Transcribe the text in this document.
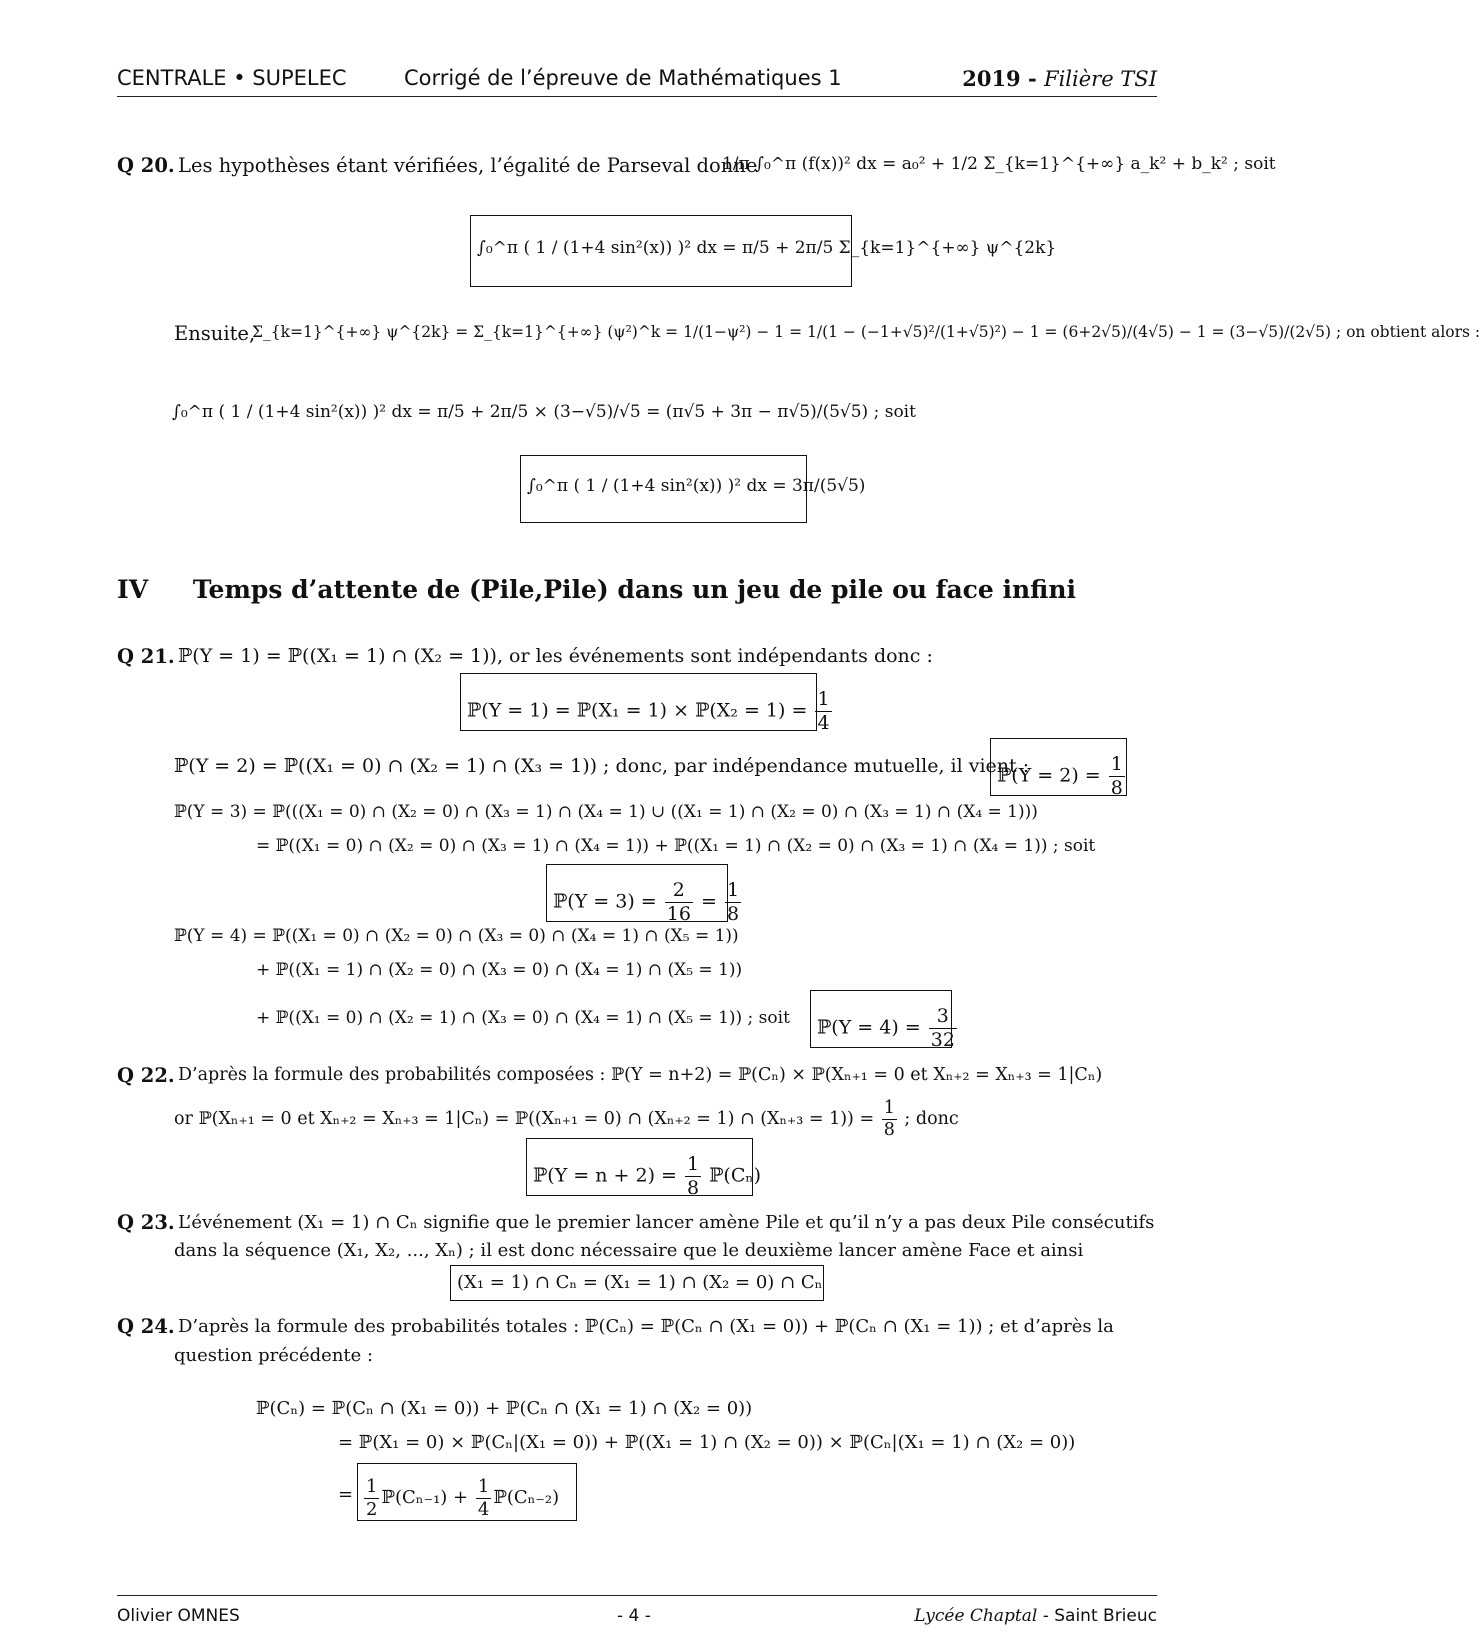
CENTRALE • SUPELEC	Corrigé de l’épreuve de Mathématiques 1	2019 - Filière TSI
Q 20. Les hypothèses étant vérifiées, l’égalité de Parseval donne
1/π ∫₀^π (f(x))² dx = a₀² + 1/2 Σ_{k=1}^{+∞} a_k² + b_k² ; soit
∫₀^π ( 1 / (1+4 sin²(x)) )² dx = π/5 + 2π/5 Σ_{k=1}^{+∞} ψ^{2k}
Ensuite,
Σ_{k=1}^{+∞} ψ^{2k} = Σ_{k=1}^{+∞} (ψ²)^k = 1/(1−ψ²) − 1 = 1/(1 − (−1+√5)²/(1+√5)²) − 1 = (6+2√5)/(4√5) − 1 = (3−√5)/(2√5) ; on obtient alors :
∫₀^π ( 1 / (1+4 sin²(x)) )² dx = π/5 + 2π/5 × (3−√5)/√5 = (π√5 + 3π − π√5)/(5√5) ; soit
∫₀^π ( 1 / (1+4 sin²(x)) )² dx = 3π/(5√5)
IV Temps d’attente de (Pile,Pile) dans un jeu de pile ou face infini
Q 21. ℙ(Y = 1) = ℙ((X₁ = 1) ∩ (X₂ = 1)), or les événements sont indépendants donc :
ℙ(Y = 1) = ℙ(X₁ = 1) × ℙ(X₂ = $1) = \frac{1}{4}$
ℙ(Y = 2) = ℙ((X₁ = 0) ∩ (X₂ = 1) ∩ (X₃ = 1)) ; donc, par indépendance mutuelle, il vient :
ℙ(Y = $2) = \frac{1}{8}$
ℙ(Y = 3) = ℙ(((X₁ = 0) ∩ (X₂ = 0) ∩ (X₃ = 1) ∩ (X₄ = 1) ∪ ((X₁ = 1) ∩ (X₂ = 0) ∩ (X₃ = 1) ∩ (X₄ = 1)))
= ℙ((X₁ = 0) ∩ (X₂ = 0) ∩ (X₃ = 1) ∩ (X₄ = 1)) + ℙ((X₁ = 1) ∩ (X₂ = 0) ∩ (X₃ = 1) ∩ (X₄ = 1)) ; soit
ℙ(Y = $3) = \frac{2}{16} = \frac{1}{8}$
ℙ(Y = 4) = ℙ((X₁ = 0) ∩ (X₂ = 0) ∩ (X₃ = 0) ∩ (X₄ = 1) ∩ (X₅ = 1))
+ ℙ((X₁ = 1) ∩ (X₂ = 0) ∩ (X₃ = 0) ∩ (X₄ = 1) ∩ (X₅ = 1))
+ ℙ((X₁ = 0) ∩ (X₂ = 1) ∩ (X₃ = 0) ∩ (X₄ = 1) ∩ (X₅ = 1)) ; soit ℙ(Y = $4) = \frac{3}{32}$
Q 22. D’après la formule des probabilités composées : ℙ(Y = n+2) = ℙ(Cₙ) × ℙ(Xₙ₊₁ = 0 et Xₙ₊₂ = Xₙ₊₃ = 1|Cₙ)
or ℙ(Xₙ₊₁ = 0 et Xₙ₊₂ = Xₙ₊₃ = 1|Cₙ) = ℙ((Xₙ₊₁ = 0) ∩ (Xₙ₊₂ = 1) ∩ $(X_{n+3} = 1)) = \frac{1}{8}$ ; donc
ℙ(Y = $n + 2) = \frac{1}{8}$ ℙ(Cₙ)
Q 23. L’événement (X₁ = 1) ∩ Cₙ signifie que le premier lancer amène Pile et qu’il n’y a pas deux Pile consécutifs
dans la séquence (X₁, X₂, ..., Xₙ) ; il est donc nécessaire que le deuxième lancer amène Face et ainsi
(X₁ = 1) ∩ Cₙ = (X₁ = 1) ∩ (X₂ = 0) ∩ Cₙ
Q 24. D’après la formule des probabilités totales : ℙ(Cₙ) = ℙ(Cₙ ∩ (X₁ = 0)) + ℙ(Cₙ ∩ (X₁ = 1)) ; et d’après la
question précédente :
ℙ(Cₙ) = ℙ(Cₙ ∩ (X₁ = 0)) + ℙ(Cₙ ∩ (X₁ = 1) ∩ (X₂ = 0))
= ℙ(X₁ = 0) × ℙ(Cₙ|(X₁ = 0)) + ℙ((X₁ = 1) ∩ (X₂ = 0)) × ℙ(Cₙ|(X₁ = 1) ∩ (X₂ = 0))
= $\frac{1}{2}$ ℙ(Cₙ₋₁) + $\frac{1}{4}$ ℙ(Cₙ₋₂)
Olivier OMNES	- 4 -	Lycée Chaptal - Saint Brieuc
